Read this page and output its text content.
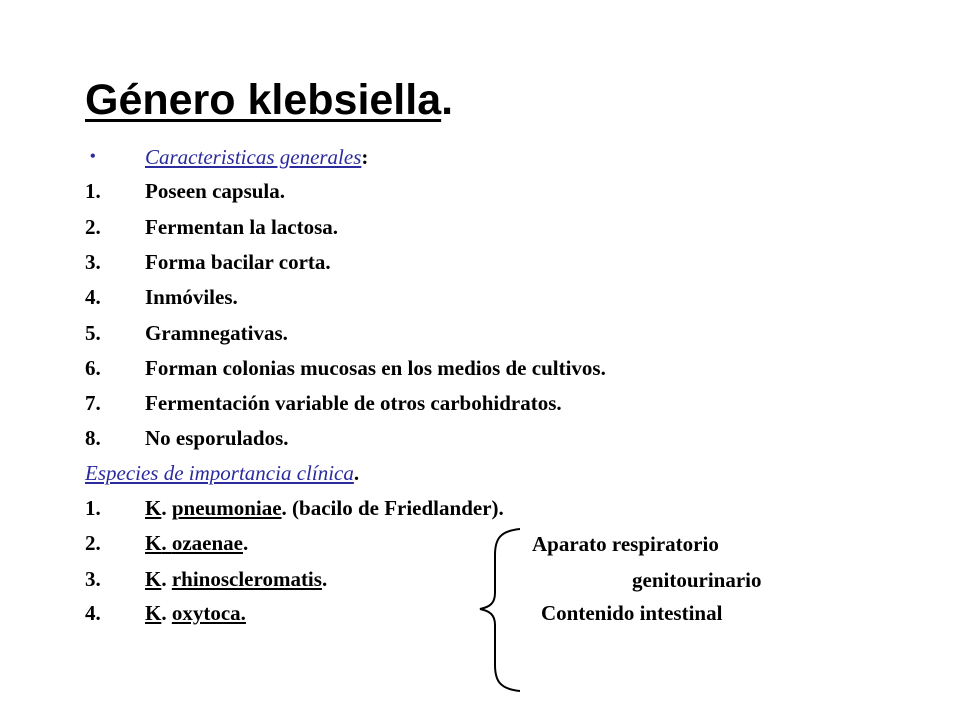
Género klebsiella.
•	Caracteristicas generales:
1.	Poseen capsula.
2.	Fermentan la lactosa.
3.	Forma bacilar corta.
4.	Inmóviles.
5.	Gramnegativas.
6.	Forman colonias mucosas en los medios de cultivos.
7.	Fermentación variable de otros carbohidratos.
8.	No esporulados.
Especies de importancia clínica.
1.	K. pneumoniae. (bacilo de Friedlander).
2.	K. ozaenae.
3.	K. rhinoscleromatis.
4.	K. oxytoca.
Aparato respiratorio
genitourinario
Contenido intestinal
